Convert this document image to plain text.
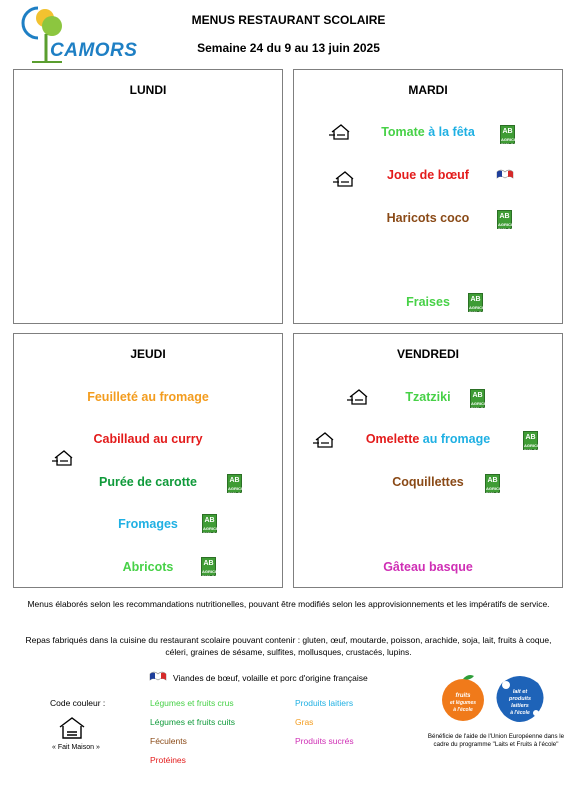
CAMORS
MENUS RESTAURANT SCOLAIRE
Semaine 24 du 9 au 13 juin 2025
LUNDI	MARDI
Tomate à la fêta	AB
AGRICULTURE BIOLOGIQUE
Joue de bœuf
Haricots coco	AB
AGRICULTURE BIOLOGIQUE
Fraises	AB
AGRICULTURE BIOLOGIQUE
JEUDI
Feuilleté au fromage
Cabillaud au curry
Purée de carotte	AB
AGRICULTURE BIOLOGIQUE
Fromages	AB
AGRICULTURE BIOLOGIQUE
Abricots	AB
AGRICULTURE BIOLOGIQUE
VENDREDI
Tzatziki	AB
AGRICULTURE BIOLOGIQUE
Omelette au fromage	AB
AGRICULTURE BIOLOGIQUE
Coquillettes	AB
AGRICULTURE BIOLOGIQUE
Gâteau basque
Menus élaborés selon les recommandations nutritionelles, pouvant être modifiés selon les approvisionnements et les impératifs de service.
Repas fabriqués dans la cuisine du restaurant scolaire pouvant contenir : gluten, œuf, moutarde, poisson, arachide, soja, lait, fruits à coque, céleri, graines de sésame, sulfites, mollusques, crustacés, lupins.
Viandes de bœuf, volaille et porc d'origine française
Code couleur :	Légumes et fruits crus
Légumes et fruits cuits
Féculents
Protéines
Produits laitiers
Gras
Produits sucrés
« Fait Maison »
fruits
et légumes
à l'école
lait et
produits
laitiers
à l'école
Bénéficie de l'aide de l'Union Européenne dans le cadre du programme "Laits et Fruits à l'école"
